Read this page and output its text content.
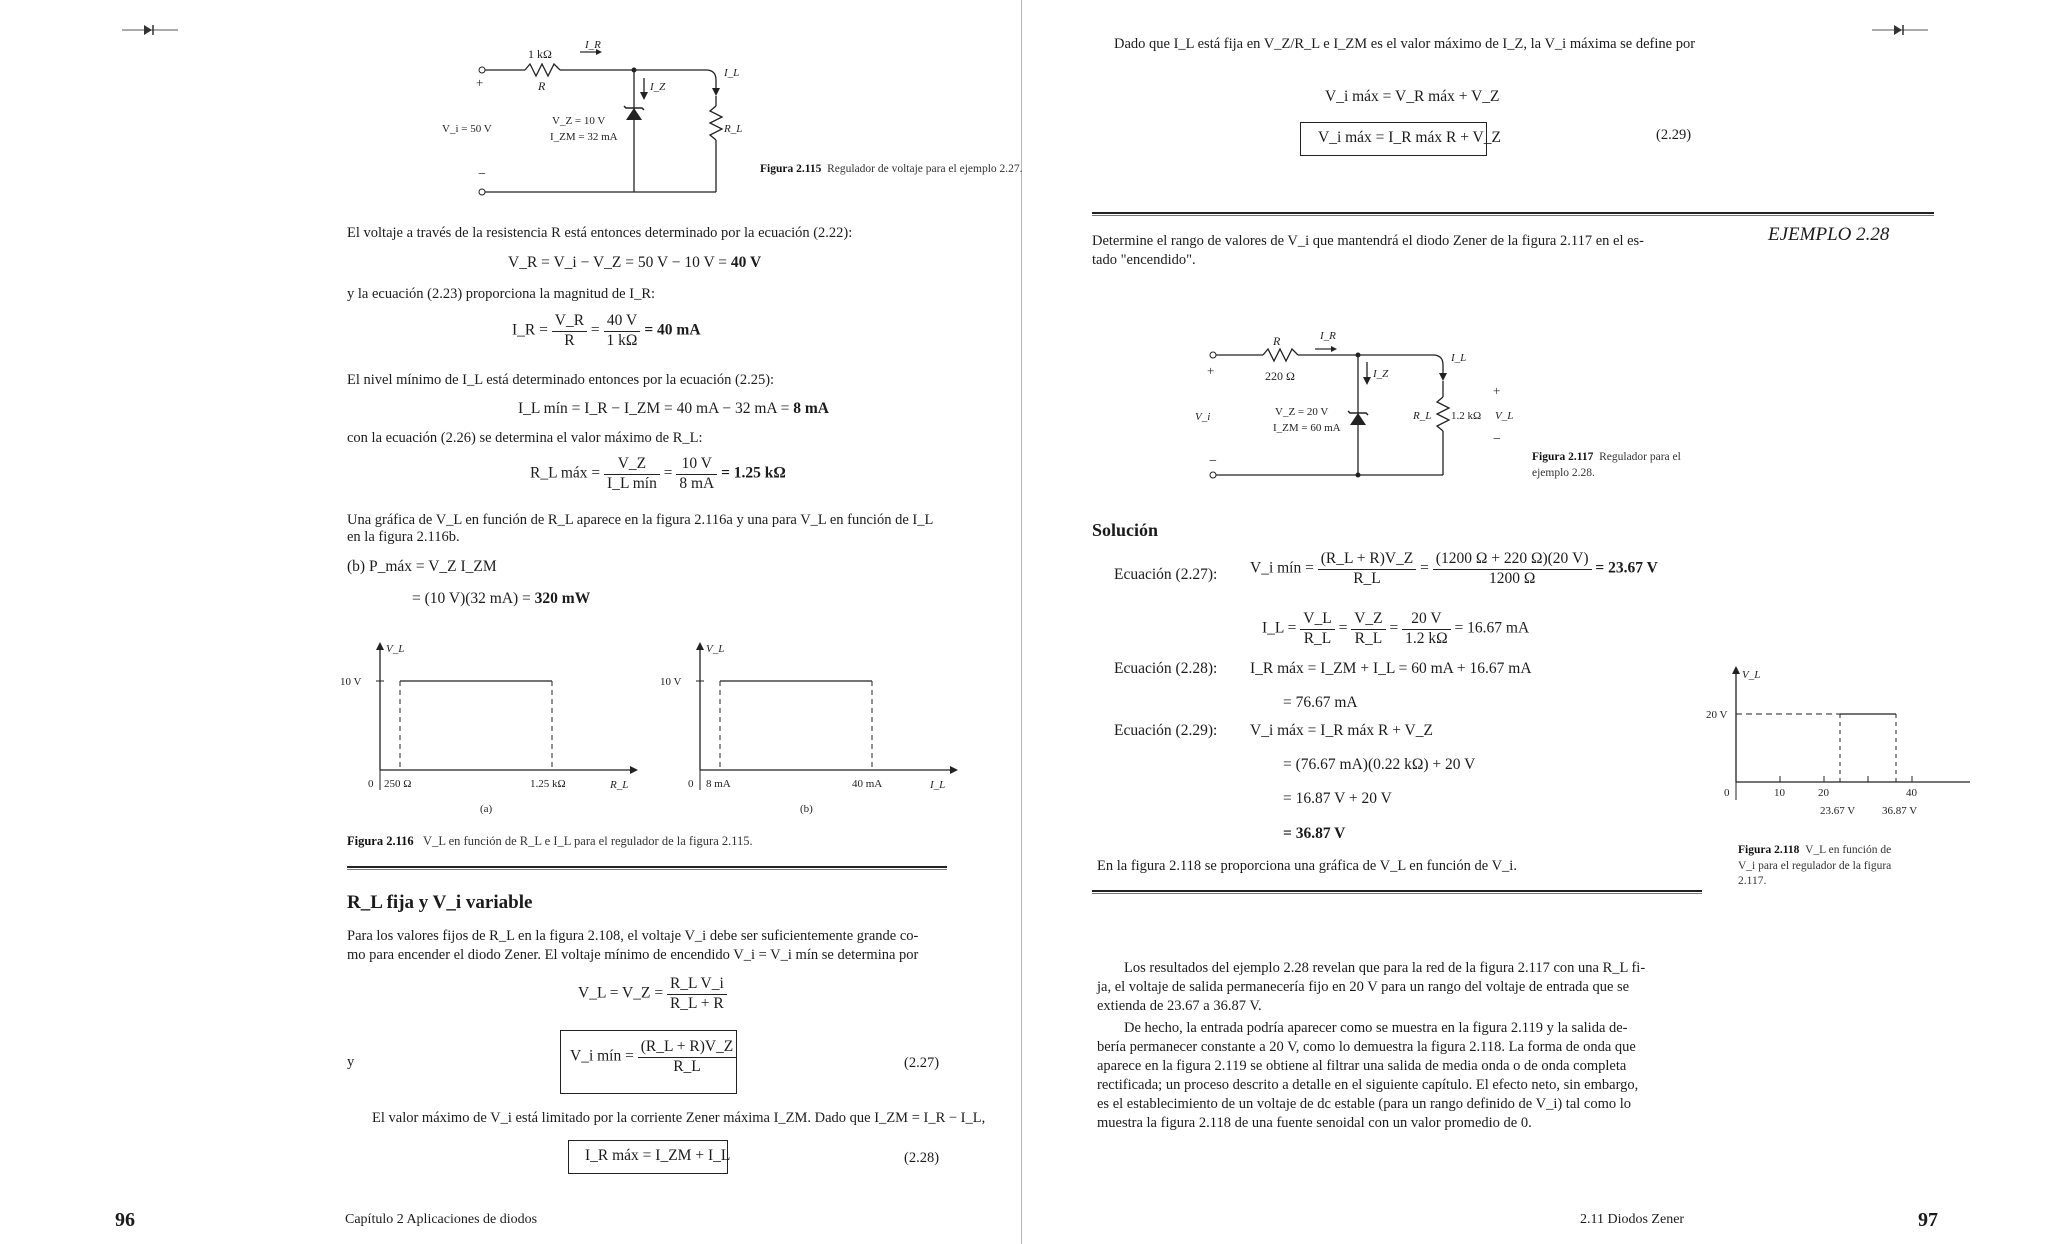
1 kΩ
R
I_R
I_Z
I_L
V_i = 50 V
V_Z = 10 V
I_ZM = 32 mA
R_L
+
−	Figura 2.115 Regulador de voltaje para el ejemplo 2.27.
El voltaje a través de la resistencia R está entonces determinado por la ecuación (2.22):
V_R = V_i − V_Z = 50 V − 10 V = 40 V
y la ecuación (2.23) proporciona la magnitud de I_R:
I_R = $\frac{V\_R}{R} = \frac{40 V}{1 k\Omega} = 40$ mA
El nivel mínimo de I_L está determinado entonces por la ecuación (2.25):
I_L mín = I_R − I_ZM = 40 mA − 32 mA = 8 mA
con la ecuación (2.26) se determina el valor máximo de R_L:
R_L máx = $\frac{V\_Z}{\text{I\_L mín}} = \frac{10 V}{8 mA} = 1.25$ kΩ
Una gráfica de V_L en función de R_L aparece en la figura 2.116a y una para V_L en función de I_L en la figura 2.116b.
(b) P_máx = V_Z I_ZM
= (10 V)(32 mA) = 320 mW
V_L
10 V
0 250 Ω	1.25 kΩ	R_L
(a)
V_L
10 V
0 8 mA	40 mA	I_L
(b)
Figura 2.116 V_L en función de R_L e I_L para el regulador de la figura 2.115.
R_L fija y V_i variable
Para los valores fijos de R_L en la figura 2.108, el voltaje V_i debe ser suficientemente grande co-
mo para encender el diodo Zener. El voltaje mínimo de encendido V_i = V_i mín se determina por
V_L = V_Z = $\frac{\text{R\_L V\_i}}{R\_L + R}$
y	V_i mín = $\frac{(R\_L + R)V\_Z}{R\_L}$	(2.27)
El valor máximo de V_i está limitado por la corriente Zener máxima I_ZM. Dado que I_ZM = I_R − I_L,
I_R máx = I_ZM + I_L	(2.28)
96	Capítulo 2 Aplicaciones de diodos
Dado que I_L está fija en V_Z/R_L e I_ZM es el valor máximo de I_Z, la V_i máxima se define por
V_i máx = V_R máx + V_Z
V_i máx = I_R máx R + V_Z	(2.29)
Determine el rango de valores de V_i que mantendrá el diodo Zener de la figura 2.117 en el es-
tado "encendido".
EJEMPLO 2.28
R
220 Ω
I_R
I_Z
I_L
V_i	V_Z = 20 V
I_ZM = 60 mA
R_L 1.2 kΩ V_L
+
+
−
−
Figura 2.117 Regulador para el ejemplo 2.28.
Solución
Ecuación (2.27): V_i mín = $\frac{(R\_L + R)V\_Z}{R\_L} = \frac{(1200 \Omega + 220 \Omega)(20 V)}{1200 \Omega} = 23.67$ V
I_L = $\frac{V\_L}{R\_L} = \frac{V\_Z}{R\_L} = \frac{20 V}{1.2 k\Omega} = 16.67$ mA
Ecuación (2.28): I_R máx = I_ZM + I_L = 60 mA + 16.67 mA
= 76.67 mA
Ecuación (2.29): V_i máx = I_R máx R + V_Z
= (76.67 mA)(0.22 kΩ) + 20 V
= 16.87 V + 20 V
= 36.87 V
En la figura 2.118 se proporciona una gráfica de V_L en función de V_i.
V_L
20 V
0	10	20	40
23.67 V 36.87 V
Figura 2.118 V_L en función de V_i para el regulador de la figura 2.117.
Los resultados del ejemplo 2.28 revelan que para la red de la figura 2.117 con una R_L fi-
ja, el voltaje de salida permanecería fijo en 20 V para un rango del voltaje de entrada que se
extienda de 23.67 a 36.87 V.
De hecho, la entrada podría aparecer como se muestra en la figura 2.119 y la salida de-
bería permanecer constante a 20 V, como lo demuestra la figura 2.118. La forma de onda que
aparece en la figura 2.119 se obtiene al filtrar una salida de media onda o de onda completa
rectificada; un proceso descrito a detalle en el siguiente capítulo. El efecto neto, sin embargo,
es el establecimiento de un voltaje de dc estable (para un rango definido de V_i) tal como lo
muestra la figura 2.118 de una fuente senoidal con un valor promedio de 0.
2.11 Diodos Zener	97
